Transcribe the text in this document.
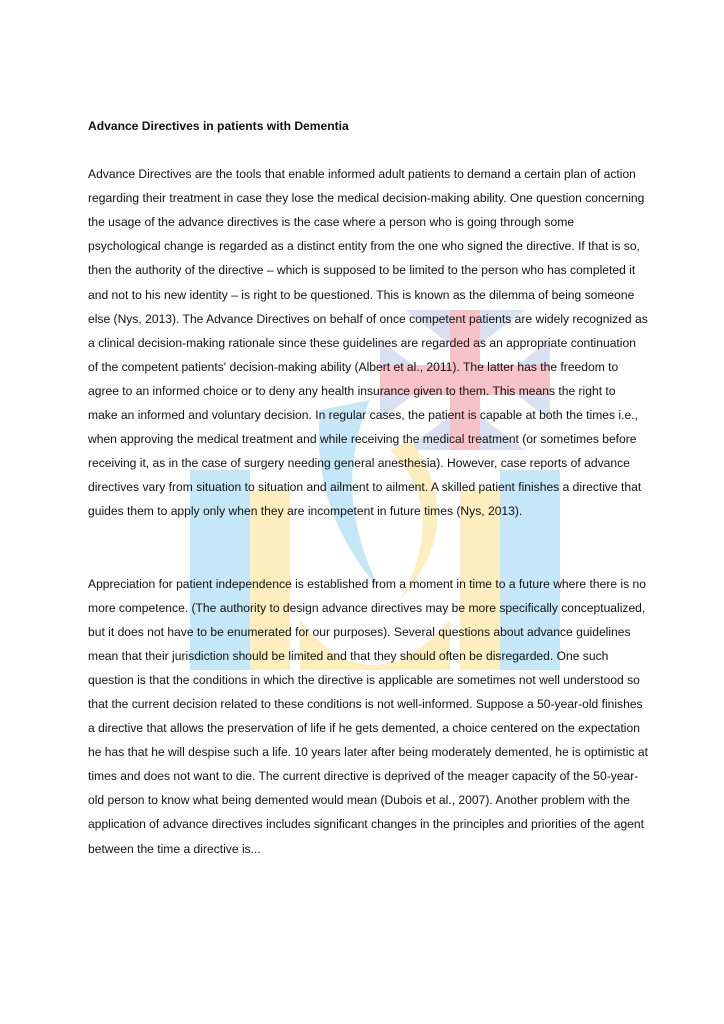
Advance Directives in patients with Dementia

Advance Directives are the tools that enable informed adult patients to demand a certain plan of action regarding their treatment in case they lose the medical decision-making ability. One question concerning the usage of the advance directives is the case where a person who is going through some psychological change is regarded as a distinct entity from the one who signed the directive. If that is so, then the authority of the directive – which is supposed to be limited to the person who has completed it and not to his new identity – is right to be questioned. This is known as the dilemma of being someone else (Nys, 2013). The Advance Directives on behalf of once competent patients are widely recognized as a clinical decision-making rationale since these guidelines are regarded as an appropriate continuation of the competent patients' decision-making ability (Albert et al., 2011). The latter has the freedom to agree to an informed choice or to deny any health insurance given to them. This means the right to make an informed and voluntary decision. In regular cases, the patient is capable at both the times i.e., when approving the medical treatment and while receiving the medical treatment (or sometimes before receiving it, as in the case of surgery needing general anesthesia). However, case reports of advance directives vary from situation to situation and ailment to ailment. A skilled patient finishes a directive that guides them to apply only when they are incompetent in future times (Nys, 2013).

Appreciation for patient independence is established from a moment in time to a future where there is no more competence. (The authority to design advance directives may be more specifically conceptualized, but it does not have to be enumerated for our purposes). Several questions about advance guidelines mean that their jurisdiction should be limited and that they should often be disregarded. One such question is that the conditions in which the directive is applicable are sometimes not well understood so that the current decision related to these conditions is not well-informed. Suppose a 50-year-old finishes a directive that allows the preservation of life if he gets demented, a choice centered on the expectation he has that he will despise such a life. 10 years later after being moderately demented, he is optimistic at times and does not want to die. The current directive is deprived of the meager capacity of the 50-year-old person to know what being demented would mean (Dubois et al., 2007). Another problem with the application of advance directives includes significant changes in the principles and priorities of the agent between the time a directive is...
